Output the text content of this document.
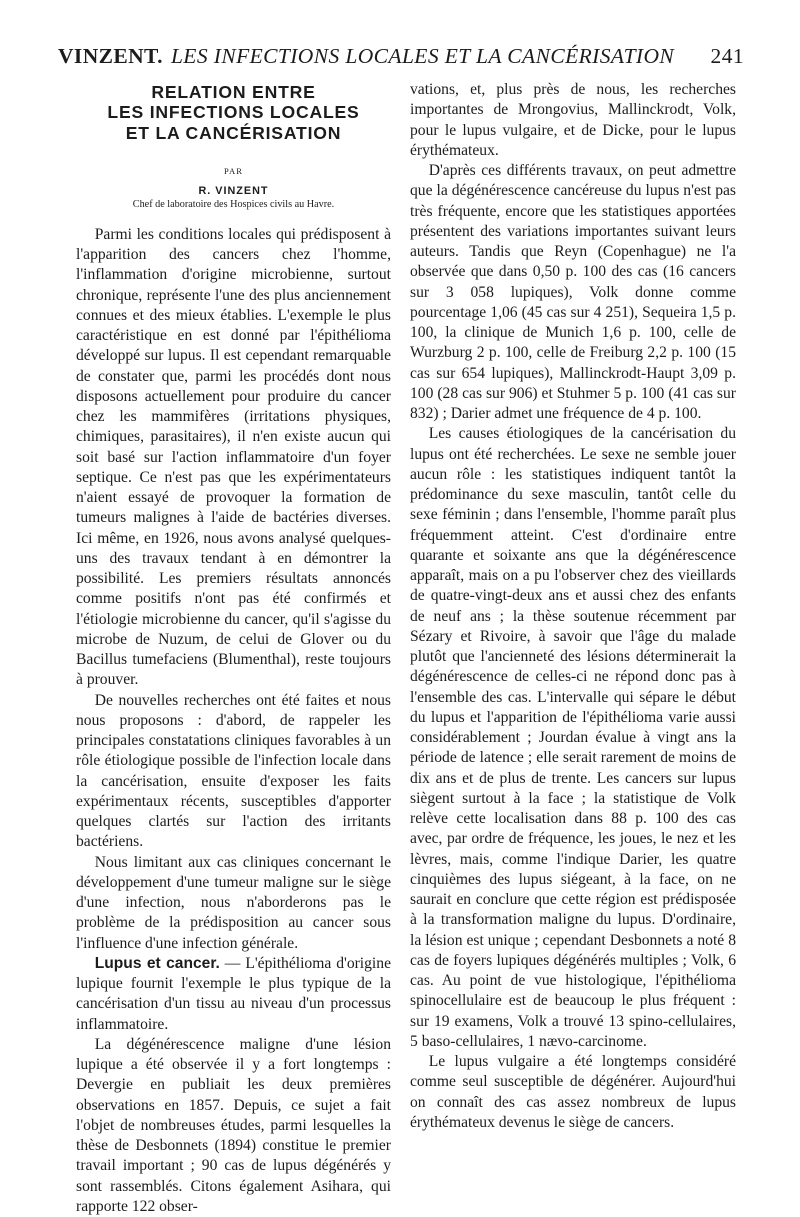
VINZENT. LES INFECTIONS LOCALES ET LA CANCÉRISATION 241
RELATION ENTRE
LES INFECTIONS LOCALES
ET LA CANCÉRISATION
PAR
R. VINZENT
Chef de laboratoire des Hospices civils au Havre.

Parmi les conditions locales qui prédisposent à l'apparition des cancers chez l'homme, l'inflammation d'origine microbienne, surtout chronique, représente l'une des plus anciennement connues et des mieux établies. L'exemple le plus caractéristique en est donné par l'épithélioma développé sur lupus. Il est cependant remarquable de constater que, parmi les procédés dont nous disposons actuellement pour produire du cancer chez les mammifères (irritations physiques, chimiques, parasitaires), il n'en existe aucun qui soit basé sur l'action inflammatoire d'un foyer septique. Ce n'est pas que les expérimentateurs n'aient essayé de provoquer la formation de tumeurs malignes à l'aide de bactéries diverses. Ici même, en 1926, nous avons analysé quelques-uns des travaux tendant à en démontrer la possibilité. Les premiers résultats annoncés comme positifs n'ont pas été confirmés et l'étiologie microbienne du cancer, qu'il s'agisse du microbe de Nuzum, de celui de Glover ou du Bacillus tumefaciens (Blumenthal), reste toujours à prouver.

De nouvelles recherches ont été faites et nous nous proposons : d'abord, de rappeler les principales constatations cliniques favorables à un rôle étiologique possible de l'infection locale dans la cancérisation, ensuite d'exposer les faits expérimentaux récents, susceptibles d'apporter quelques clartés sur l'action des irritants bactériens.

Nous limitant aux cas cliniques concernant le développement d'une tumeur maligne sur le siège d'une infection, nous n'aborderons pas le problème de la prédisposition au cancer sous l'influence d'une infection générale.

Lupus et cancer. — L'épithélioma d'origine lupique fournit l'exemple le plus typique de la cancérisation d'un tissu au niveau d'un processus inflammatoire.

La dégénérescence maligne d'une lésion lupique a été observée il y a fort longtemps : Devergie en publiait les deux premières observations en 1857. Depuis, ce sujet a fait l'objet de nombreuses études, parmi lesquelles la thèse de Desbonnets (1894) constitue le premier travail important ; 90 cas de lupus dégénérés y sont rassemblés. Citons également Asihara, qui rapporte 122 obser-

vations, et, plus près de nous, les recherches importantes de Mrongovius, Mallinckrodt, Volk, pour le lupus vulgaire, et de Dicke, pour le lupus érythémateux.

D'après ces différents travaux, on peut admettre que la dégénérescence cancéreuse du lupus n'est pas très fréquente, encore que les statistiques apportées présentent des variations importantes suivant leurs auteurs. Tandis que Reyn (Copenhague) ne l'a observée que dans 0,50 p. 100 des cas (16 cancers sur 3 058 lupiques), Volk donne comme pourcentage 1,06 (45 cas sur 4 251), Sequeira 1,5 p. 100, la clinique de Munich 1,6 p. 100, celle de Wurzburg 2 p. 100, celle de Freiburg 2,2 p. 100 (15 cas sur 654 lupiques), Mallinckrodt-Haupt 3,09 p. 100 (28 cas sur 906) et Stuhmer 5 p. 100 (41 cas sur 832) ; Darier admet une fréquence de 4 p. 100.

Les causes étiologiques de la cancérisation du lupus ont été recherchées. Le sexe ne semble jouer aucun rôle : les statistiques indiquent tantôt la prédominance du sexe masculin, tantôt celle du sexe féminin ; dans l'ensemble, l'homme paraît plus fréquemment atteint. C'est d'ordinaire entre quarante et soixante ans que la dégénérescence apparaît, mais on a pu l'observer chez des vieillards de quatre-vingt-deux ans et aussi chez des enfants de neuf ans ; la thèse soutenue récemment par Sézary et Rivoire, à savoir que l'âge du malade plutôt que l'ancienneté des lésions déterminerait la dégénérescence de celles-ci ne répond donc pas à l'ensemble des cas. L'intervalle qui sépare le début du lupus et l'apparition de l'épithélioma varie aussi considérablement ; Jourdan évalue à vingt ans la période de latence ; elle serait rarement de moins de dix ans et de plus de trente. Les cancers sur lupus siègent surtout à la face ; la statistique de Volk relève cette localisation dans 88 p. 100 des cas avec, par ordre de fréquence, les joues, le nez et les lèvres, mais, comme l'indique Darier, les quatre cinquièmes des lupus siégeant, à la face, on ne saurait en conclure que cette région est prédisposée à la transformation maligne du lupus. D'ordinaire, la lésion est unique ; cependant Desbonnets a noté 8 cas de foyers lupiques dégénérés multiples ; Volk, 6 cas. Au point de vue histologique, l'épithélioma spinocellulaire est de beaucoup le plus fréquent : sur 19 examens, Volk a trouvé 13 spino-cellulaires, 5 baso-cellulaires, 1 nævo-carcinome.

Le lupus vulgaire a été longtemps considéré comme seul susceptible de dégénérer. Aujourd'hui on connaît des cas assez nombreux de lupus érythémateux devenus le siège de cancers.
